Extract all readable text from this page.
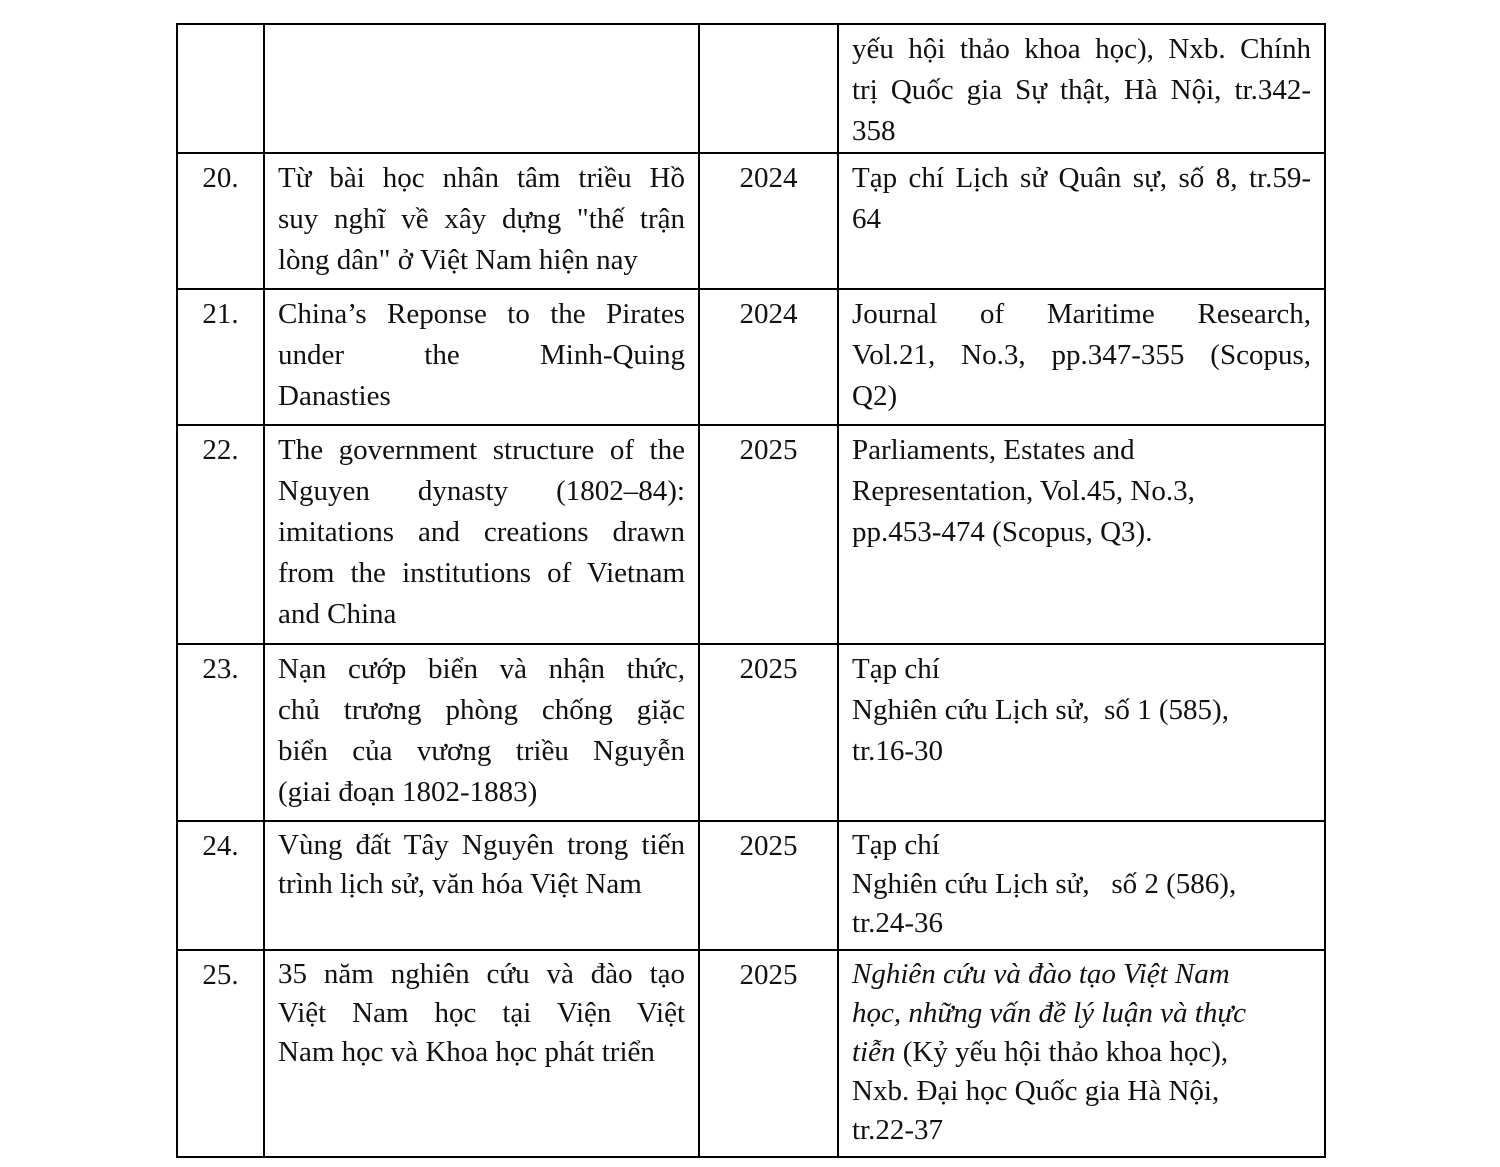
			yếu hội thảo khoa học), Nxb. Chính
trị Quốc gia Sự thật, Hà Nội, tr.342-
358

20.	Từ bài học nhân tâm triều Hồ
suy nghĩ về xây dựng "thế trận
lòng dân" ở Việt Nam hiện nay	2024	Tạp chí Lịch sử Quân sự, số 8, tr.59-
64

21.	China’s Reponse to the Pirates
under the Minh-Quing
Danasties	2024	Journal of Maritime Research,
Vol.21, No.3, pp.347-355 (Scopus,
Q2)

22.	The government structure of the
Nguyen dynasty (1802–84):
imitations and creations drawn
from the institutions of Vietnam
and China	2025	Parliaments, Estates and
Representation, Vol.45, No.3,
pp.453-474 (Scopus, Q3).

23.	Nạn cướp biển và nhận thức,
chủ trương phòng chống giặc
biển của vương triều Nguyễn
(giai đoạn 1802-1883)	2025	Tạp chí
Nghiên cứu Lịch sử,  số 1 (585),
tr.16-30

24.	Vùng đất Tây Nguyên trong tiến
trình lịch sử, văn hóa Việt Nam	2025	Tạp chí
Nghiên cứu Lịch sử,   số 2 (586),
tr.24-36

25.	35 năm nghiên cứu và đào tạo
Việt Nam học tại Viện Việt
Nam học và Khoa học phát triển	2025	Nghiên cứu và đào tạo Việt Nam
học, những vấn đề lý luận và thực
tiễn (Kỷ yếu hội thảo khoa học),
Nxb. Đại học Quốc gia Hà Nội,
tr.22-37
